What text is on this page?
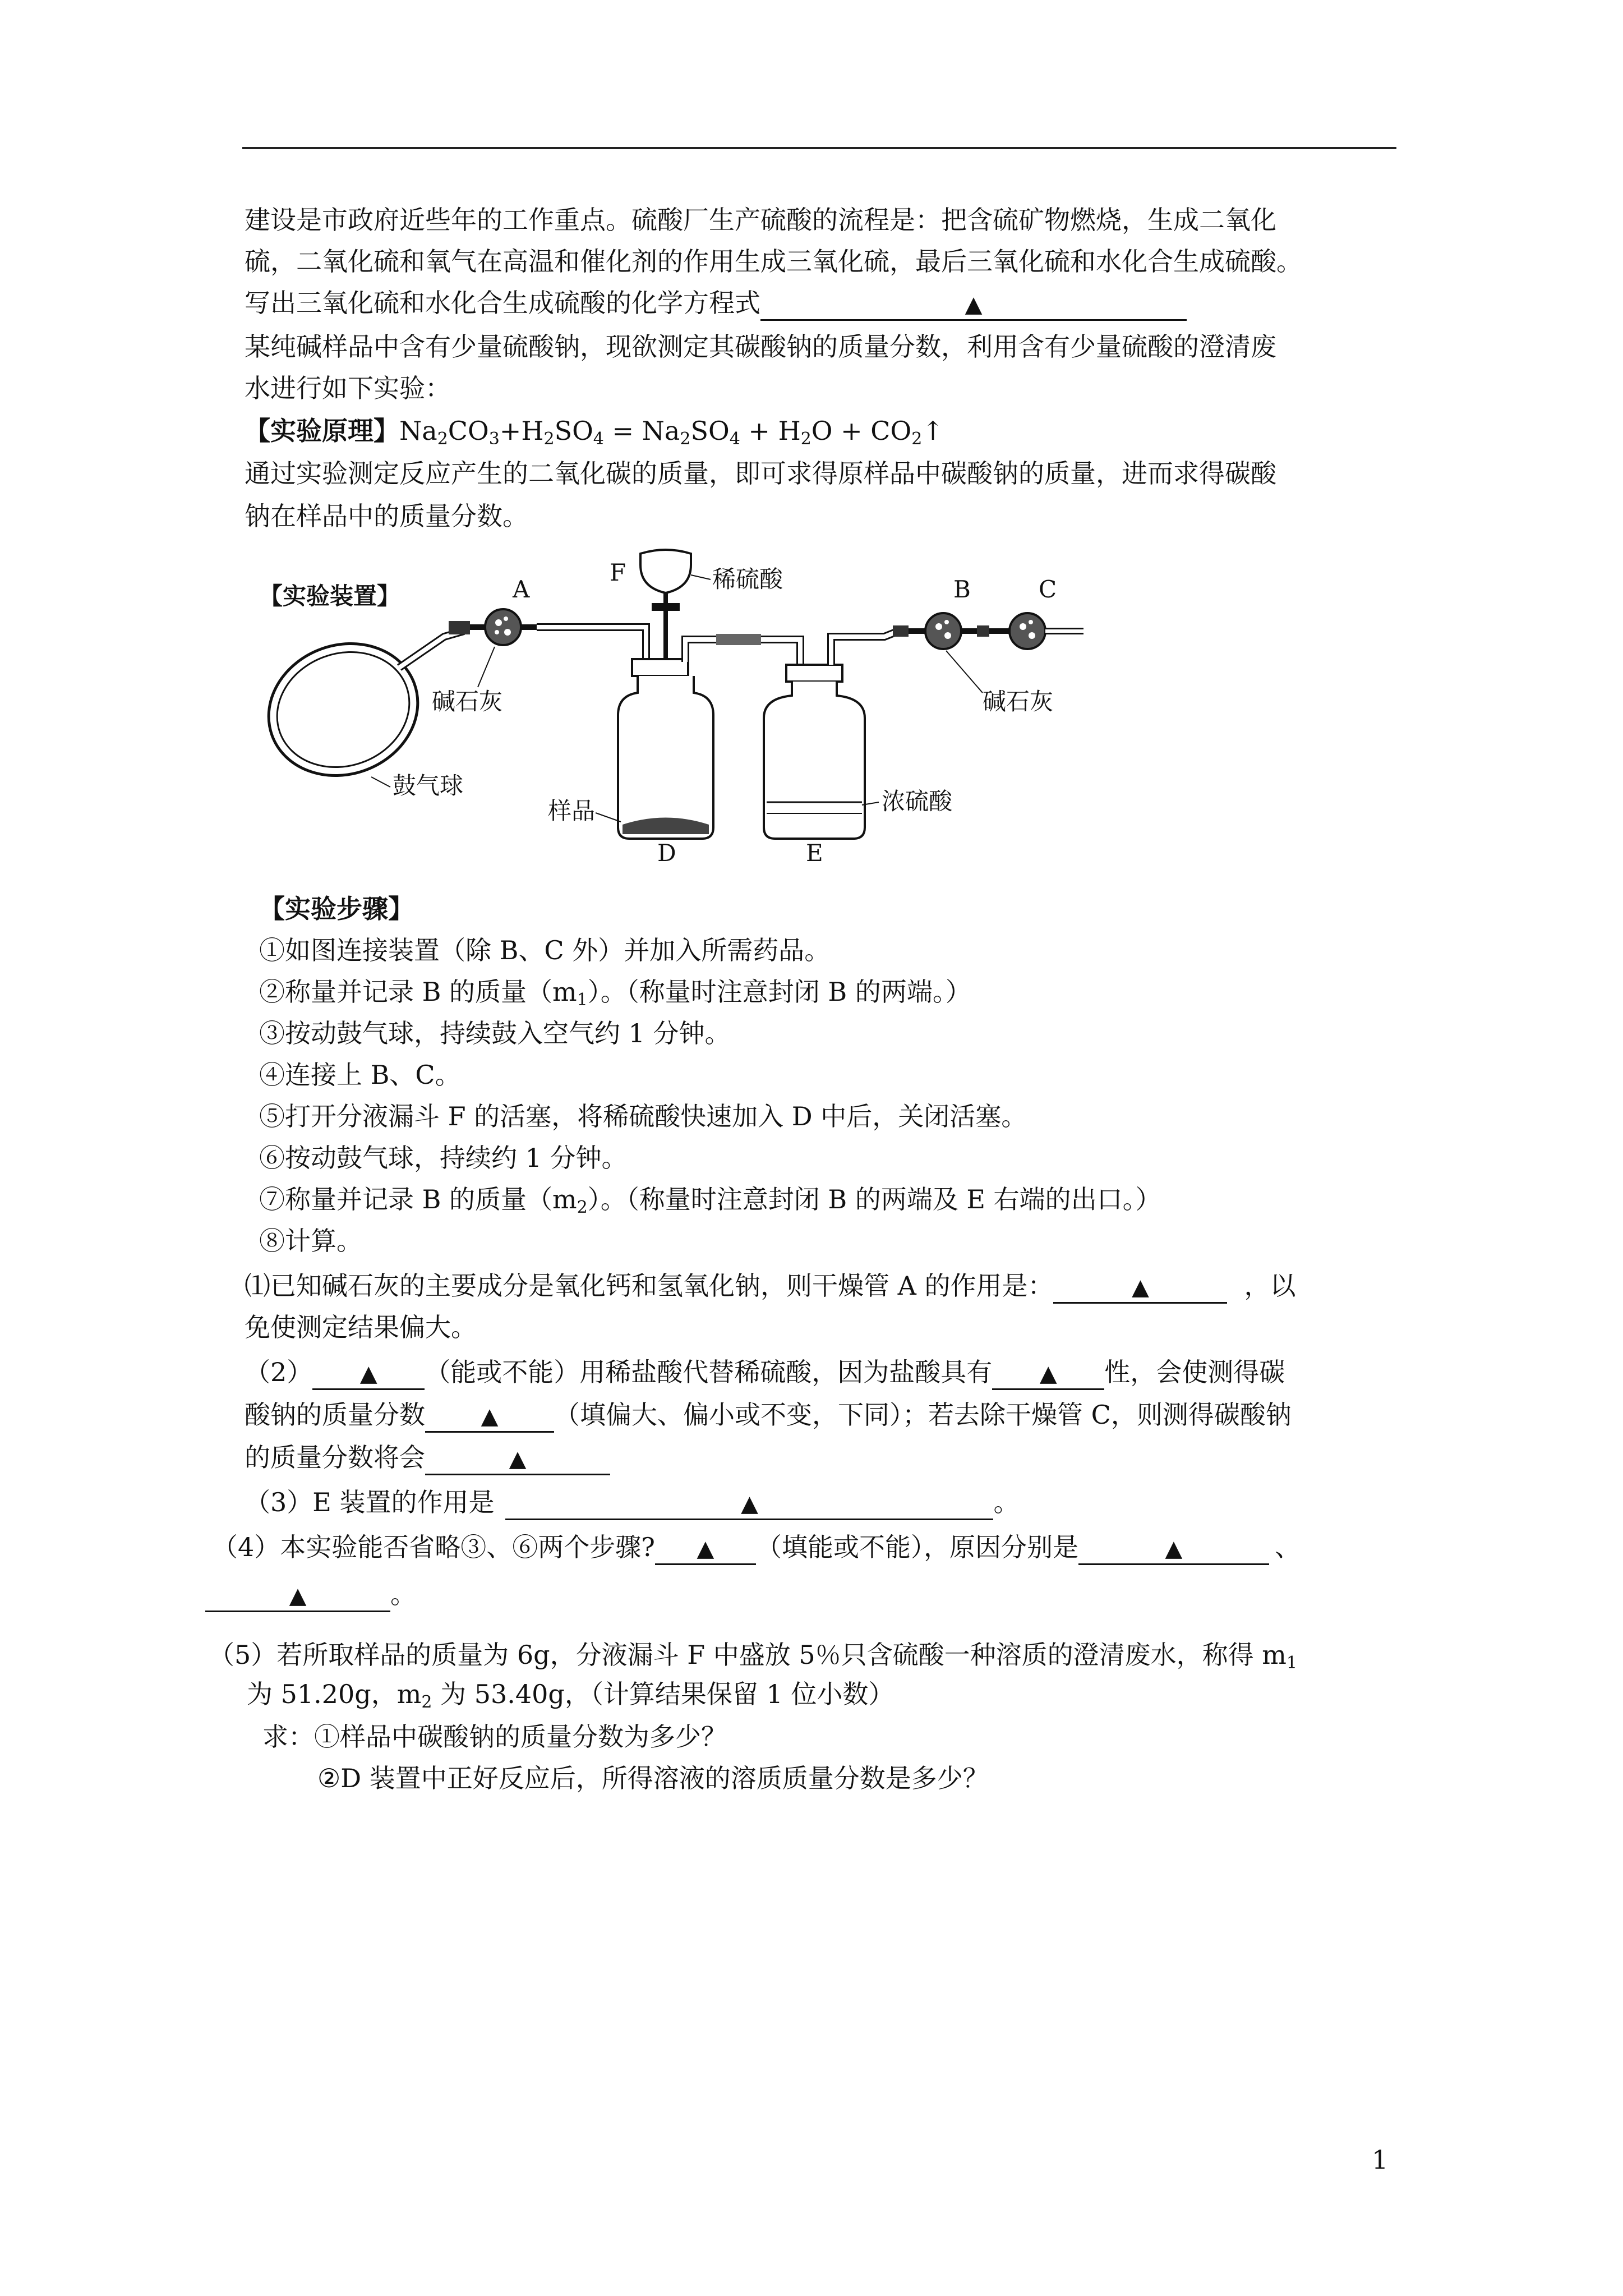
建设是市政府近些年的工作重点。硫酸厂生产硫酸的流程是：把含硫矿物燃烧，生成二氧化
硫，二氧化硫和氧气在高温和催化剂的作用生成三氧化硫，最后三氧化硫和水化合生成硫酸。
写出三氧化硫和水化合生成硫酸的化学方程式	▲
某纯碱样品中含有少量硫酸钠，现欲测定其碳酸钠的质量分数，利用含有少量硫酸的澄清废
水进行如下实验：
【实验原理】$Na_2CO_3+H_2SO_4 = Na_2SO_4 + H_2O$ + $CO_2↑$
通过实验测定反应产生的二氧化碳的质量，即可求得原样品中碳酸钠的质量，进而求得碳酸
钠在样品中的质量分数。
【实验装置】
鼓气球
A
碱石灰
F	稀硫酸
样品
D
浓硫酸
E
B	C
碱石灰
【实验步骤】
①如图连接装置（除 B、C 外）并加入所需药品。
②称量并记录 B 的质量$(m_1)$。（称量时注意封闭 B 的两端。）
③按动鼓气球，持续鼓入空气约 1 分钟。
④连接上 B、C。
⑤打开分液漏斗 F 的活塞，将稀硫酸快速加入 D 中后，关闭活塞。
⑥按动鼓气球，持续约 1 分钟。
⑦称量并记录 B 的质量$(m_2)$。（称量时注意封闭 B 的两端及 E 右端的出口。）
⑧计算。
⑴已知碱石灰的主要成分是氧化钙和氢氧化钠，则干燥管 A 的作用是：	▲	，以
免使测定结果偏大。
（2） ▲ （能或不能）用稀盐酸代替稀硫酸，因为盐酸具有 ▲ 性，会使测得碳
酸钠的质量分数 ▲ （填偏大、偏小或不变，下同）；若去除干燥管 C，则测得碳酸钠
的质量分数将会	▲
（3）E 装置的作用是	▲	。
（4）本实验能否省略③、⑥两个步骤? ▲ （填能或不能），原因分别是	▲	、
▲	。
（5）若所取样品的质量为 6g，分液漏斗 F 中盛放 5％只含硫酸一种溶质的澄清废水，称得 $m_1$
为 51.20g，$m_2$ 为 53.40g，（计算结果保留 1 位小数）
求：①样品中碳酸钠的质量分数为多少？
②D 装置中正好反应后，所得溶液的溶质质量分数是多少？
1
